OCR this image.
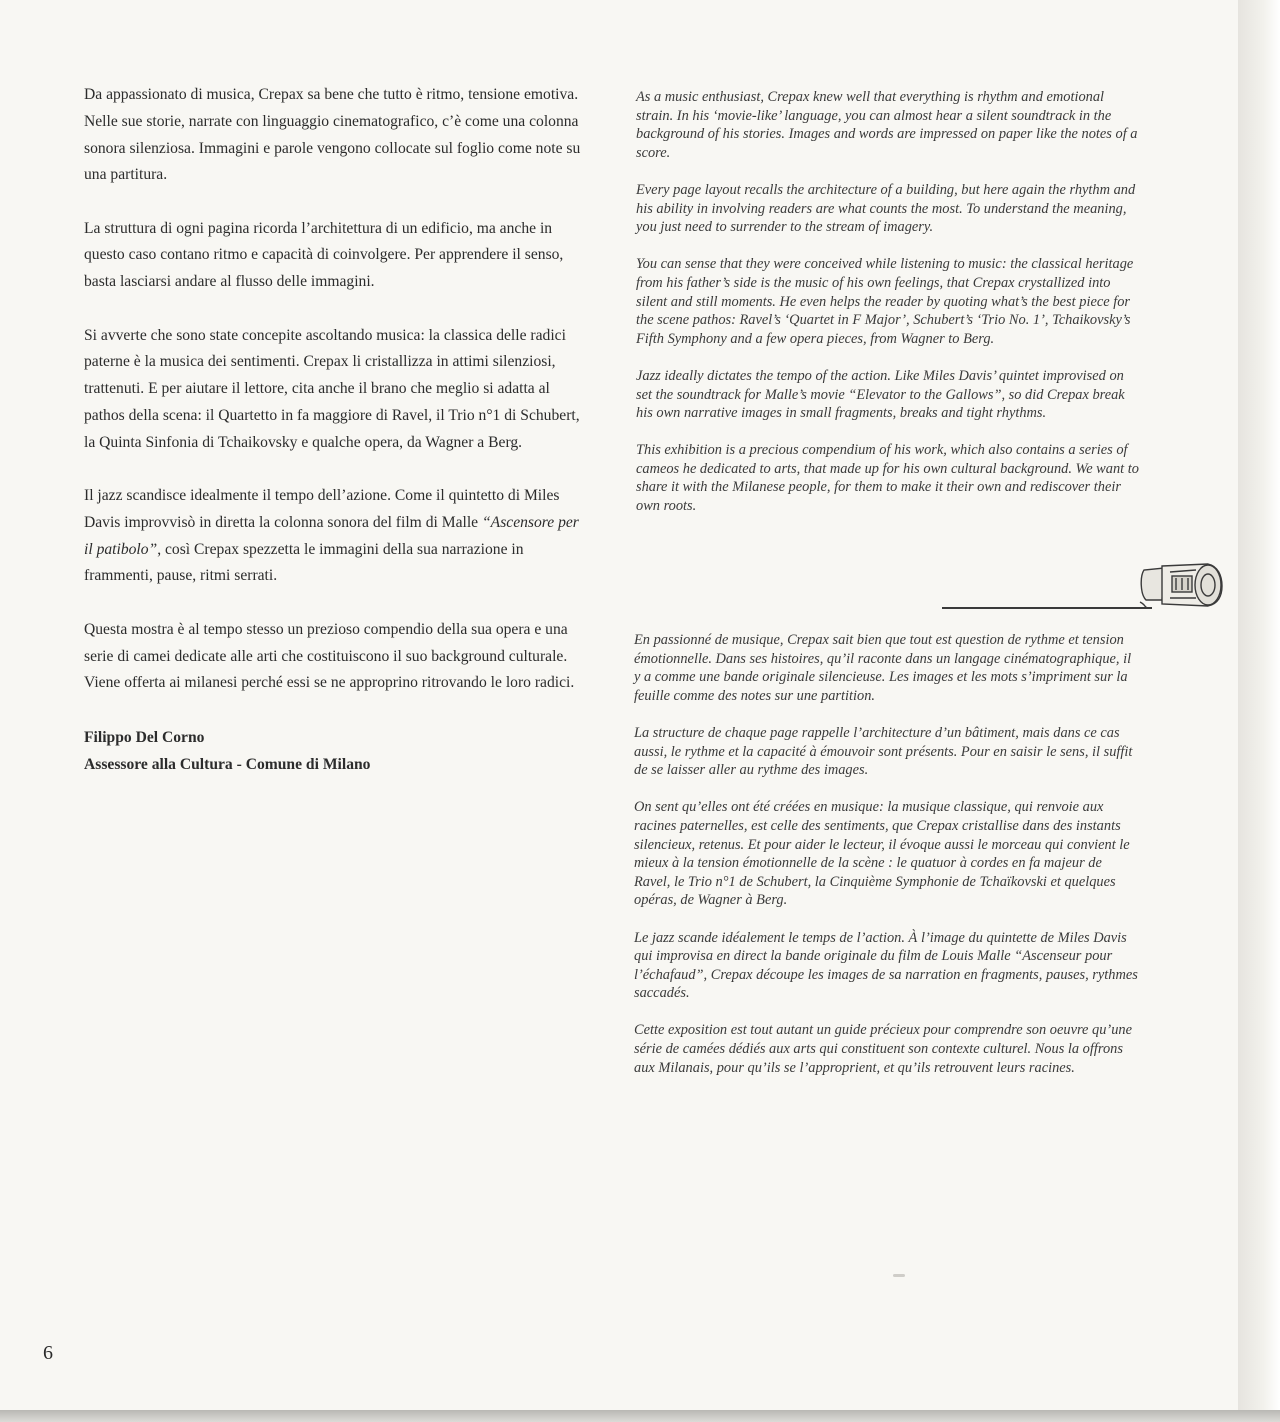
Da appassionato di musica, Crepax sa bene che tutto è ritmo, tensione emotiva. Nelle sue storie, narrate con linguaggio cinematografico, c’è come una colonna sonora silenziosa. Immagini e parole vengono collocate sul foglio come note su una partitura.

La struttura di ogni pagina ricorda l’architettura di un edificio, ma anche in questo caso contano ritmo e capacità di coinvolgere. Per apprendere il senso, basta lasciarsi andare al flusso delle immagini.

Si avverte che sono state concepite ascoltando musica: la classica delle radici paterne è la musica dei sentimenti. Crepax li cristallizza in attimi silenziosi, trattenuti. E per aiutare il lettore, cita anche il brano che meglio si adatta al pathos della scena: il Quartetto in fa maggiore di Ravel, il Trio n°1 di Schubert, la Quinta Sinfonia di Tchaikovsky e qualche opera, da Wagner a Berg.

Il jazz scandisce idealmente il tempo dell’azione. Come il quintetto di Miles Davis improvvisò in diretta la colonna sonora del film di Malle “Ascensore per il patibolo”, così Crepax spezzetta le immagini della sua narrazione in frammenti, pause, ritmi serrati.

Questa mostra è al tempo stesso un prezioso compendio della sua opera e una serie di camei dedicate alle arti che costituiscono il suo background culturale. Viene offerta ai milanesi perché essi se ne approprino ritrovando le loro radici.

Filippo Del Corno
Assessore alla Cultura - Comune di Milano

As a music enthusiast, Crepax knew well that everything is rhythm and emotional strain. In his ‘movie-like’ language, you can almost hear a silent soundtrack in the background of his stories. Images and words are impressed on paper like the notes of a score.

Every page layout recalls the architecture of a building, but here again the rhythm and his ability in involving readers are what counts the most. To understand the meaning, you just need to surrender to the stream of imagery.

You can sense that they were conceived while listening to music: the classical heritage from his father’s side is the music of his own feelings, that Crepax crystallized into silent and still moments. He even helps the reader by quoting what’s the best piece for the scene pathos: Ravel’s ‘Quartet in F Major’, Schubert’s ‘Trio No. 1’, Tchaikovsky’s Fifth Symphony and a few opera pieces, from Wagner to Berg.

Jazz ideally dictates the tempo of the action. Like Miles Davis’ quintet improvised on set the soundtrack for Malle’s movie “Elevator to the Gallows”, so did Crepax break his own narrative images in small fragments, breaks and tight rhythms.

This exhibition is a precious compendium of his work, which also contains a series of cameos he dedicated to arts, that made up for his own cultural background. We want to share it with the Milanese people, for them to make it their own and rediscover their own roots.

En passionné de musique, Crepax sait bien que tout est question de rythme et tension émotionnelle. Dans ses histoires, qu’il raconte dans un langage cinématographique, il y a comme une bande originale silencieuse. Les images et les mots s’impriment sur la feuille comme des notes sur une partition.

La structure de chaque page rappelle l’architecture d’un bâtiment, mais dans ce cas aussi, le rythme et la capacité à émouvoir sont présents. Pour en saisir le sens, il suffit de se laisser aller au rythme des images.

On sent qu’elles ont été créées en musique: la musique classique, qui renvoie aux racines paternelles, est celle des sentiments, que Crepax cristallise dans des instants silencieux, retenus. Et pour aider le lecteur, il évoque aussi le morceau qui convient le mieux à la tension émotionnelle de la scène : le quatuor à cordes en fa majeur de Ravel, le Trio n°1 de Schubert, la Cinquième Symphonie de Tchaïkovski et quelques opéras, de Wagner à Berg.

Le jazz scande idéalement le temps de l’action. À l’image du quintette de Miles Davis qui improvisa en direct la bande originale du film de Louis Malle “Ascenseur pour l’échafaud”, Crepax découpe les images de sa narration en fragments, pauses, rythmes saccadés.

Cette exposition est tout autant un guide précieux pour comprendre son oeuvre qu’une série de camées dédiés aux arts qui constituent son contexte culturel. Nous la offrons aux Milanais, pour qu’ils se l’approprient, et qu’ils retrouvent leurs racines.

6
